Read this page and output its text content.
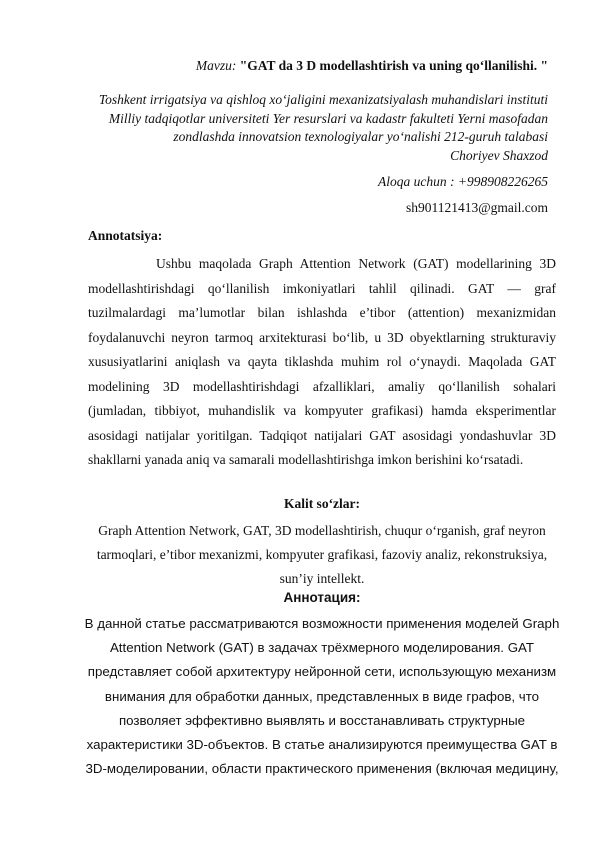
Mavzu: "GAT da 3 D modellashtirish va uning qo‘llanilishi. "
Toshkent irrigatsiya va qishloq xo‘jaligini mexanizatsiyalash muhandislari instituti Milliy tadqiqotlar universiteti Yer resurslari va kadastr fakulteti Yerni masofadan zondlashda innovatsion texnologiyalar yo‘nalishi 212-guruh talabasi
Choriyev Shaxzod
Aloqa uchun : +998908226265
sh901121413@gmail.com
Annotatsiya:
Ushbu maqolada Graph Attention Network (GAT) modellarining 3D modellashtirishdagi qo‘llanilish imkoniyatlari tahlil qilinadi. GAT — graf tuzilmalardagi ma’lumotlar bilan ishlashda e’tibor (attention) mexanizmidan foydalanuvchi neyron tarmoq arxitekturasi bo‘lib, u 3D obyektlarning strukturaviy xususiyatlarini aniqlash va qayta tiklashda muhim rol o‘ynaydi. Maqolada GAT modelining 3D modellashtirishdagi afzalliklari, amaliy qo‘llanilish sohalari (jumladan, tibbiyot, muhandislik va kompyuter grafikasi) hamda eksperimentlar asosidagi natijalar yoritilgan. Tadqiqot natijalari GAT asosidagi yondashuvlar 3D shakllarni yanada aniq va samarali modellashtirishga imkon berishini ko‘rsatadi.
Kalit so‘zlar:
Graph Attention Network, GAT, 3D modellashtirish, chuqur o‘rganish, graf neyron tarmoqlari, e’tibor mexanizmi, kompyuter grafikasi, fazoviy analiz, rekonstruksiya, sun’iy intellekt.
Аннотация:
В данной статье рассматриваются возможности применения моделей Graph Attention Network (GAT) в задачах трёхмерного моделирования. GAT представляет собой архитектуру нейронной сети, использующую механизм внимания для обработки данных, представленных в виде графов, что позволяет эффективно выявлять и восстанавливать структурные характеристики 3D-объектов. В статье анализируются преимущества GAT в 3D-моделировании, области практического применения (включая медицину,
